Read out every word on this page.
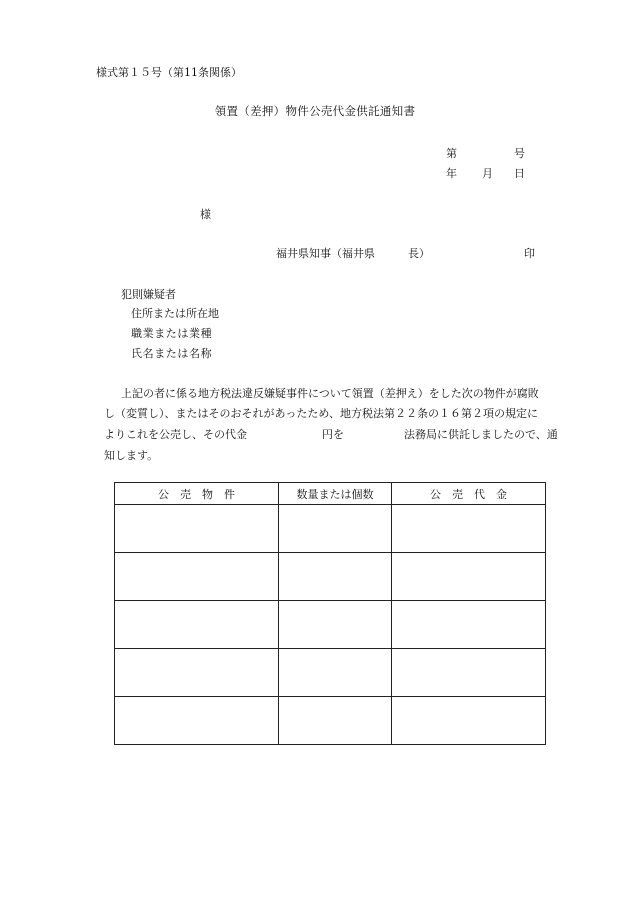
様式第１５号（第11条関係）
領置（差押）物件公売代金供託通知書
第	号
年 月 日
様
福井県知事（福井県　　　長）	印
犯則嫌疑者
住所または所在地
職業または業種
氏名または名称
上記の者に係る地方税法違反嫌疑事件について領置（差押え）をした次の物件が腐敗
し（変質し）、またはそのおそれがあったため、地方税法第２２条の１６第２項の規定に
よりこれを公売し、その代金	円を	法務局に供託しましたので、通
知します。
公　売　物　件	数量または個数	公　売　代　金
